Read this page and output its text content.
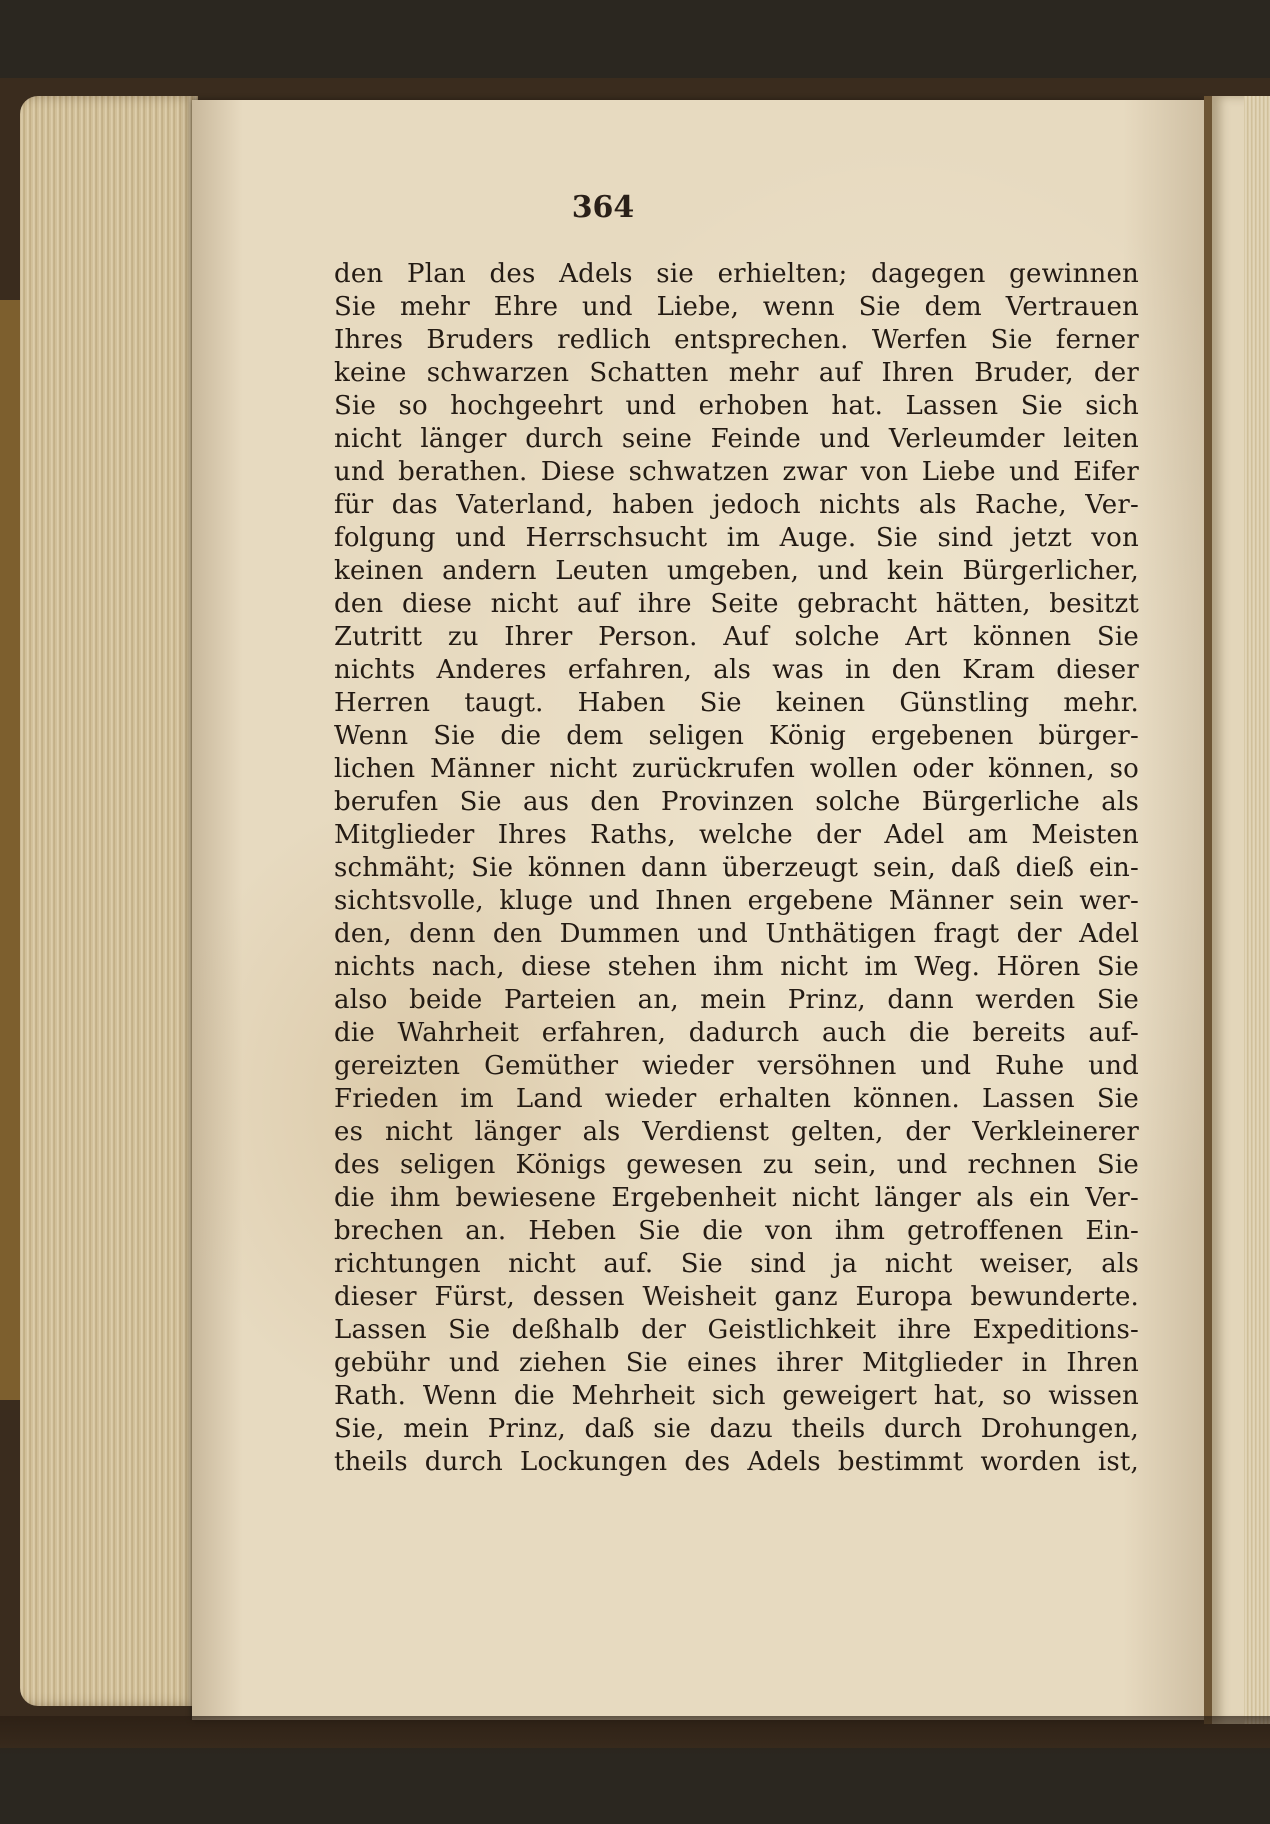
364
den Plan des Adels sie erhielten; dagegen gewinnen
Sie mehr Ehre und Liebe, wenn Sie dem Vertrauen
Ihres Bruders redlich entsprechen. Werfen Sie ferner
keine schwarzen Schatten mehr auf Ihren Bruder, der
Sie so hochgeehrt und erhoben hat. Lassen Sie sich
nicht länger durch seine Feinde und Verleumder leiten
und berathen. Diese schwatzen zwar von Liebe und Eifer
für das Vaterland, haben jedoch nichts als Rache, Ver-
folgung und Herrschsucht im Auge. Sie sind jetzt von
keinen andern Leuten umgeben, und kein Bürgerlicher,
den diese nicht auf ihre Seite gebracht hätten, besitzt
Zutritt zu Ihrer Person. Auf solche Art können Sie
nichts Anderes erfahren, als was in den Kram dieser
Herren taugt. Haben Sie keinen Günstling mehr.
Wenn Sie die dem seligen König ergebenen bürger-
lichen Männer nicht zurückrufen wollen oder können, so
berufen Sie aus den Provinzen solche Bürgerliche als
Mitglieder Ihres Raths, welche der Adel am Meisten
schmäht; Sie können dann überzeugt sein, daß dieß ein-
sichtsvolle, kluge und Ihnen ergebene Männer sein wer-
den, denn den Dummen und Unthätigen fragt der Adel
nichts nach, diese stehen ihm nicht im Weg. Hören Sie
also beide Parteien an, mein Prinz, dann werden Sie
die Wahrheit erfahren, dadurch auch die bereits auf-
gereizten Gemüther wieder versöhnen und Ruhe und
Frieden im Land wieder erhalten können. Lassen Sie
es nicht länger als Verdienst gelten, der Verkleinerer
des seligen Königs gewesen zu sein, und rechnen Sie
die ihm bewiesene Ergebenheit nicht länger als ein Ver-
brechen an. Heben Sie die von ihm getroffenen Ein-
richtungen nicht auf. Sie sind ja nicht weiser, als
dieser Fürst, dessen Weisheit ganz Europa bewunderte.
Lassen Sie deßhalb der Geistlichkeit ihre Expeditions-
gebühr und ziehen Sie eines ihrer Mitglieder in Ihren
Rath. Wenn die Mehrheit sich geweigert hat, so wissen
Sie, mein Prinz, daß sie dazu theils durch Drohungen,
theils durch Lockungen des Adels bestimmt worden ist,
